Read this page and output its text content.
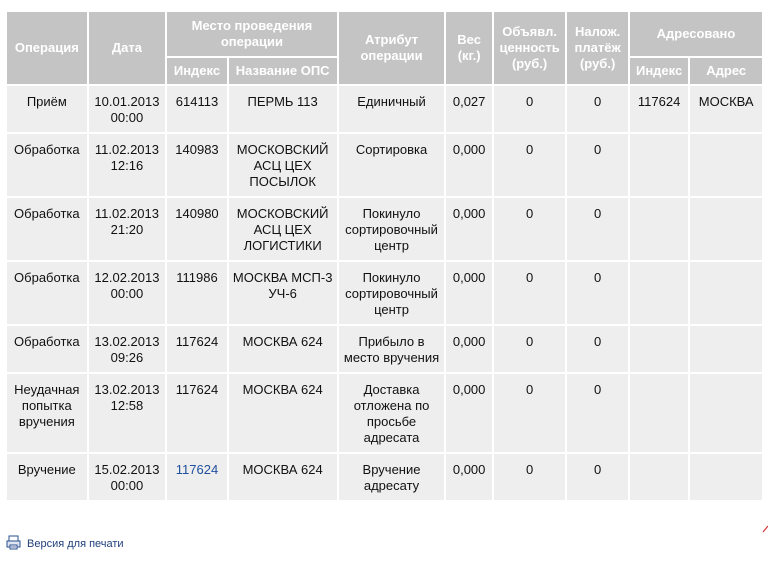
Операция	Дата	Место проведения операции		Атрибут операции	Вес (кг.)	Объявл. ценность (руб.)	Налож. платёж (руб.)	Адресовано	
		Индекс	Название ОПС					Индекс	Адрес
Приём	10.01.2013 00:00	614113	ПЕРМЬ 113	Единичный	0,027	0	0	117624	МОСКВА
Обработка	11.02.2013 12:16	140983	МОСКОВСКИЙ АСЦ ЦЕХ ПОСЫЛОК	Сортировка	0,000	0	0		
Обработка	11.02.2013 21:20	140980	МОСКОВСКИЙ АСЦ ЦЕХ ЛОГИСТИКИ	Покинуло сортировочный центр	0,000	0	0		
Обработка	12.02.2013 00:00	111986	МОСКВА МСП-3 УЧ-6	Покинуло сортировочный центр	0,000	0	0		
Обработка	13.02.2013 09:26	117624	МОСКВА 624	Прибыло в место вручения	0,000	0	0		
Неудачная попытка вручения	13.02.2013 12:58	117624	МОСКВА 624	Доставка отложена по просьбе адресата	0,000	0	0		
Вручение	15.02.2013 00:00	117624	МОСКВА 624	Вручение адресату	0,000	0	0		
Версия для печати
